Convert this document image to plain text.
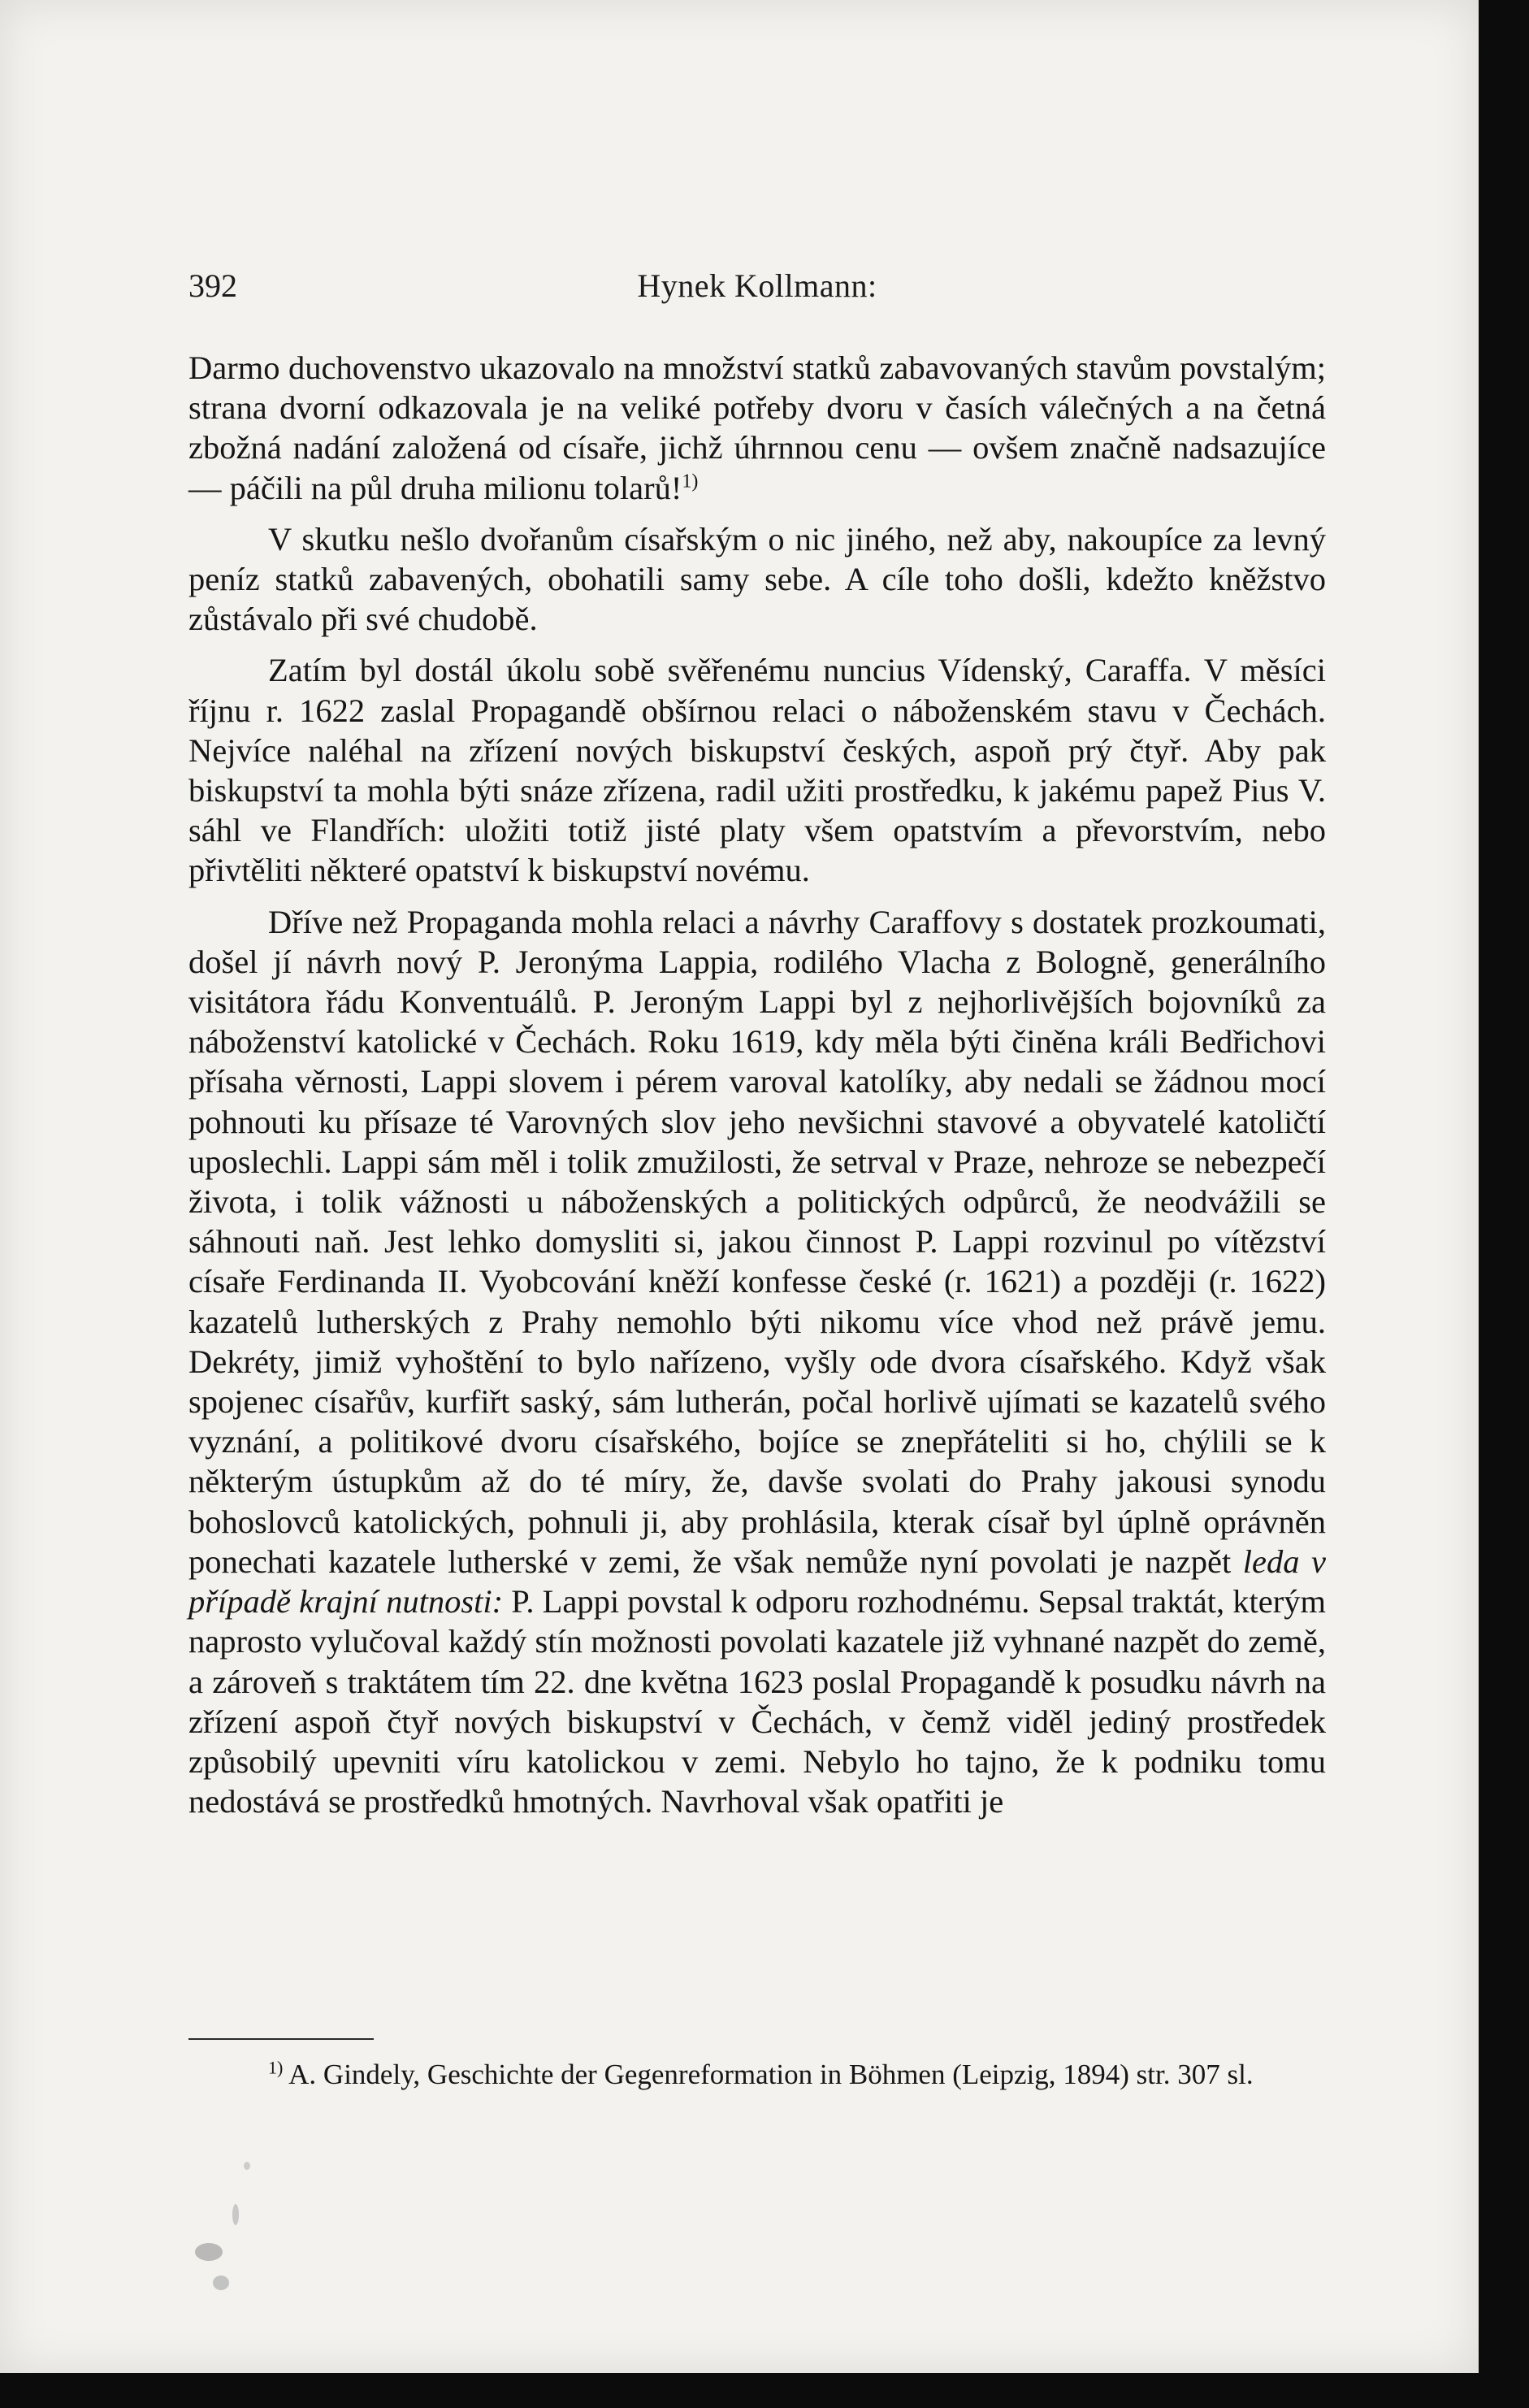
392	Hynek Kollmann:

Darmo duchovenstvo ukazovalo na množství statků zabavovaných stavům povstalým; strana dvorní odkazovala je na veliké potřeby dvoru v časích válečných a na četná zbožná nadání založená od císaře, jichž úhrnnou cenu — ovšem značně nadsazujíce — páčili na půl druha milionu tolarů!$^{1)}$

V skutku nešlo dvořanům císařským o nic jiného, než aby, nakoupíce za levný peníz statků zabavených, obohatili samy sebe. A cíle toho došli, kdežto kněžstvo zůstávalo při své chudobě.

Zatím byl dostál úkolu sobě svěřenému nuncius Vídenský, Caraffa. V měsíci říjnu r. 1622 zaslal Propagandě obšírnou relaci o náboženském stavu v Čechách. Nejvíce naléhal na zřízení nových biskupství českých, aspoň prý čtyř. Aby pak biskupství ta mohla býti snáze zřízena, radil užiti prostředku, k jakému papež Pius V. sáhl ve Flandřích: uložiti totiž jisté platy všem opatstvím a převorstvím, nebo přivtěliti některé opatství k biskupství novému.

Dříve než Propaganda mohla relaci a návrhy Caraffovy s dostatek prozkoumati, došel jí návrh nový P. Jeronýma Lappia, rodilého Vlacha z Bologně, generálního visitátora řádu Konventuálů. P. Jeroným Lappi byl z nejhorlivějších bojovníků za náboženství katolické v Čechách. Roku 1619, kdy měla býti činěna králi Bedřichovi přísaha věrnosti, Lappi slovem i pérem varoval katolíky, aby nedali se žádnou mocí pohnouti ku přísaze té Varovných slov jeho nevšichni stavové a obyvatelé katoličtí uposlechli. Lappi sám měl i tolik zmužilosti, že setrval v Praze, nehroze se nebezpečí života, i tolik vážnosti u náboženských a politických odpůrců, že neodvážili se sáhnouti naň. Jest lehko domysliti si, jakou činnost P. Lappi rozvinul po vítězství císaře Ferdinanda II. Vyobcování kněží konfesse české (r. 1621) a později (r. 1622) kazatelů lutherských z Prahy nemohlo býti nikomu více vhod než právě jemu. Dekréty, jimiž vyhoštění to bylo nařízeno, vyšly ode dvora císařského. Když však spojenec císařův, kurfiřt saský, sám lutherán, počal horlivě ujímati se kazatelů svého vyznání, a politikové dvoru císařského, bojíce se znepřáteliti si ho, chýlili se k některým ústupkům až do té míry, že, davše svolati do Prahy jakousi synodu bohoslovců katolických, pohnuli ji, aby prohlásila, kterak císař byl úplně oprávněn ponechati kazatele lutherské v zemi, že však nemůže nyní povolati je nazpět leda v případě krajní nutnosti: P. Lappi povstal k odporu rozhodnému. Sepsal traktát, kterým naprosto vylučoval každý stín možnosti povolati kazatele již vyhnané nazpět do země, a zároveň s traktátem tím 22. dne května 1623 poslal Propagandě k posudku návrh na zřízení aspoň čtyř nových biskupství v Čechách, v čemž viděl jediný prostředek způsobilý upevniti víru katolickou v zemi. Nebylo ho tajno, že k podniku tomu nedostává se prostředků hmotných. Navrhoval však opatřiti je

$^{1)}$ A. Gindely, Geschichte der Gegenreformation in Böhmen (Leipzig, 1894) str. 307 sl.
